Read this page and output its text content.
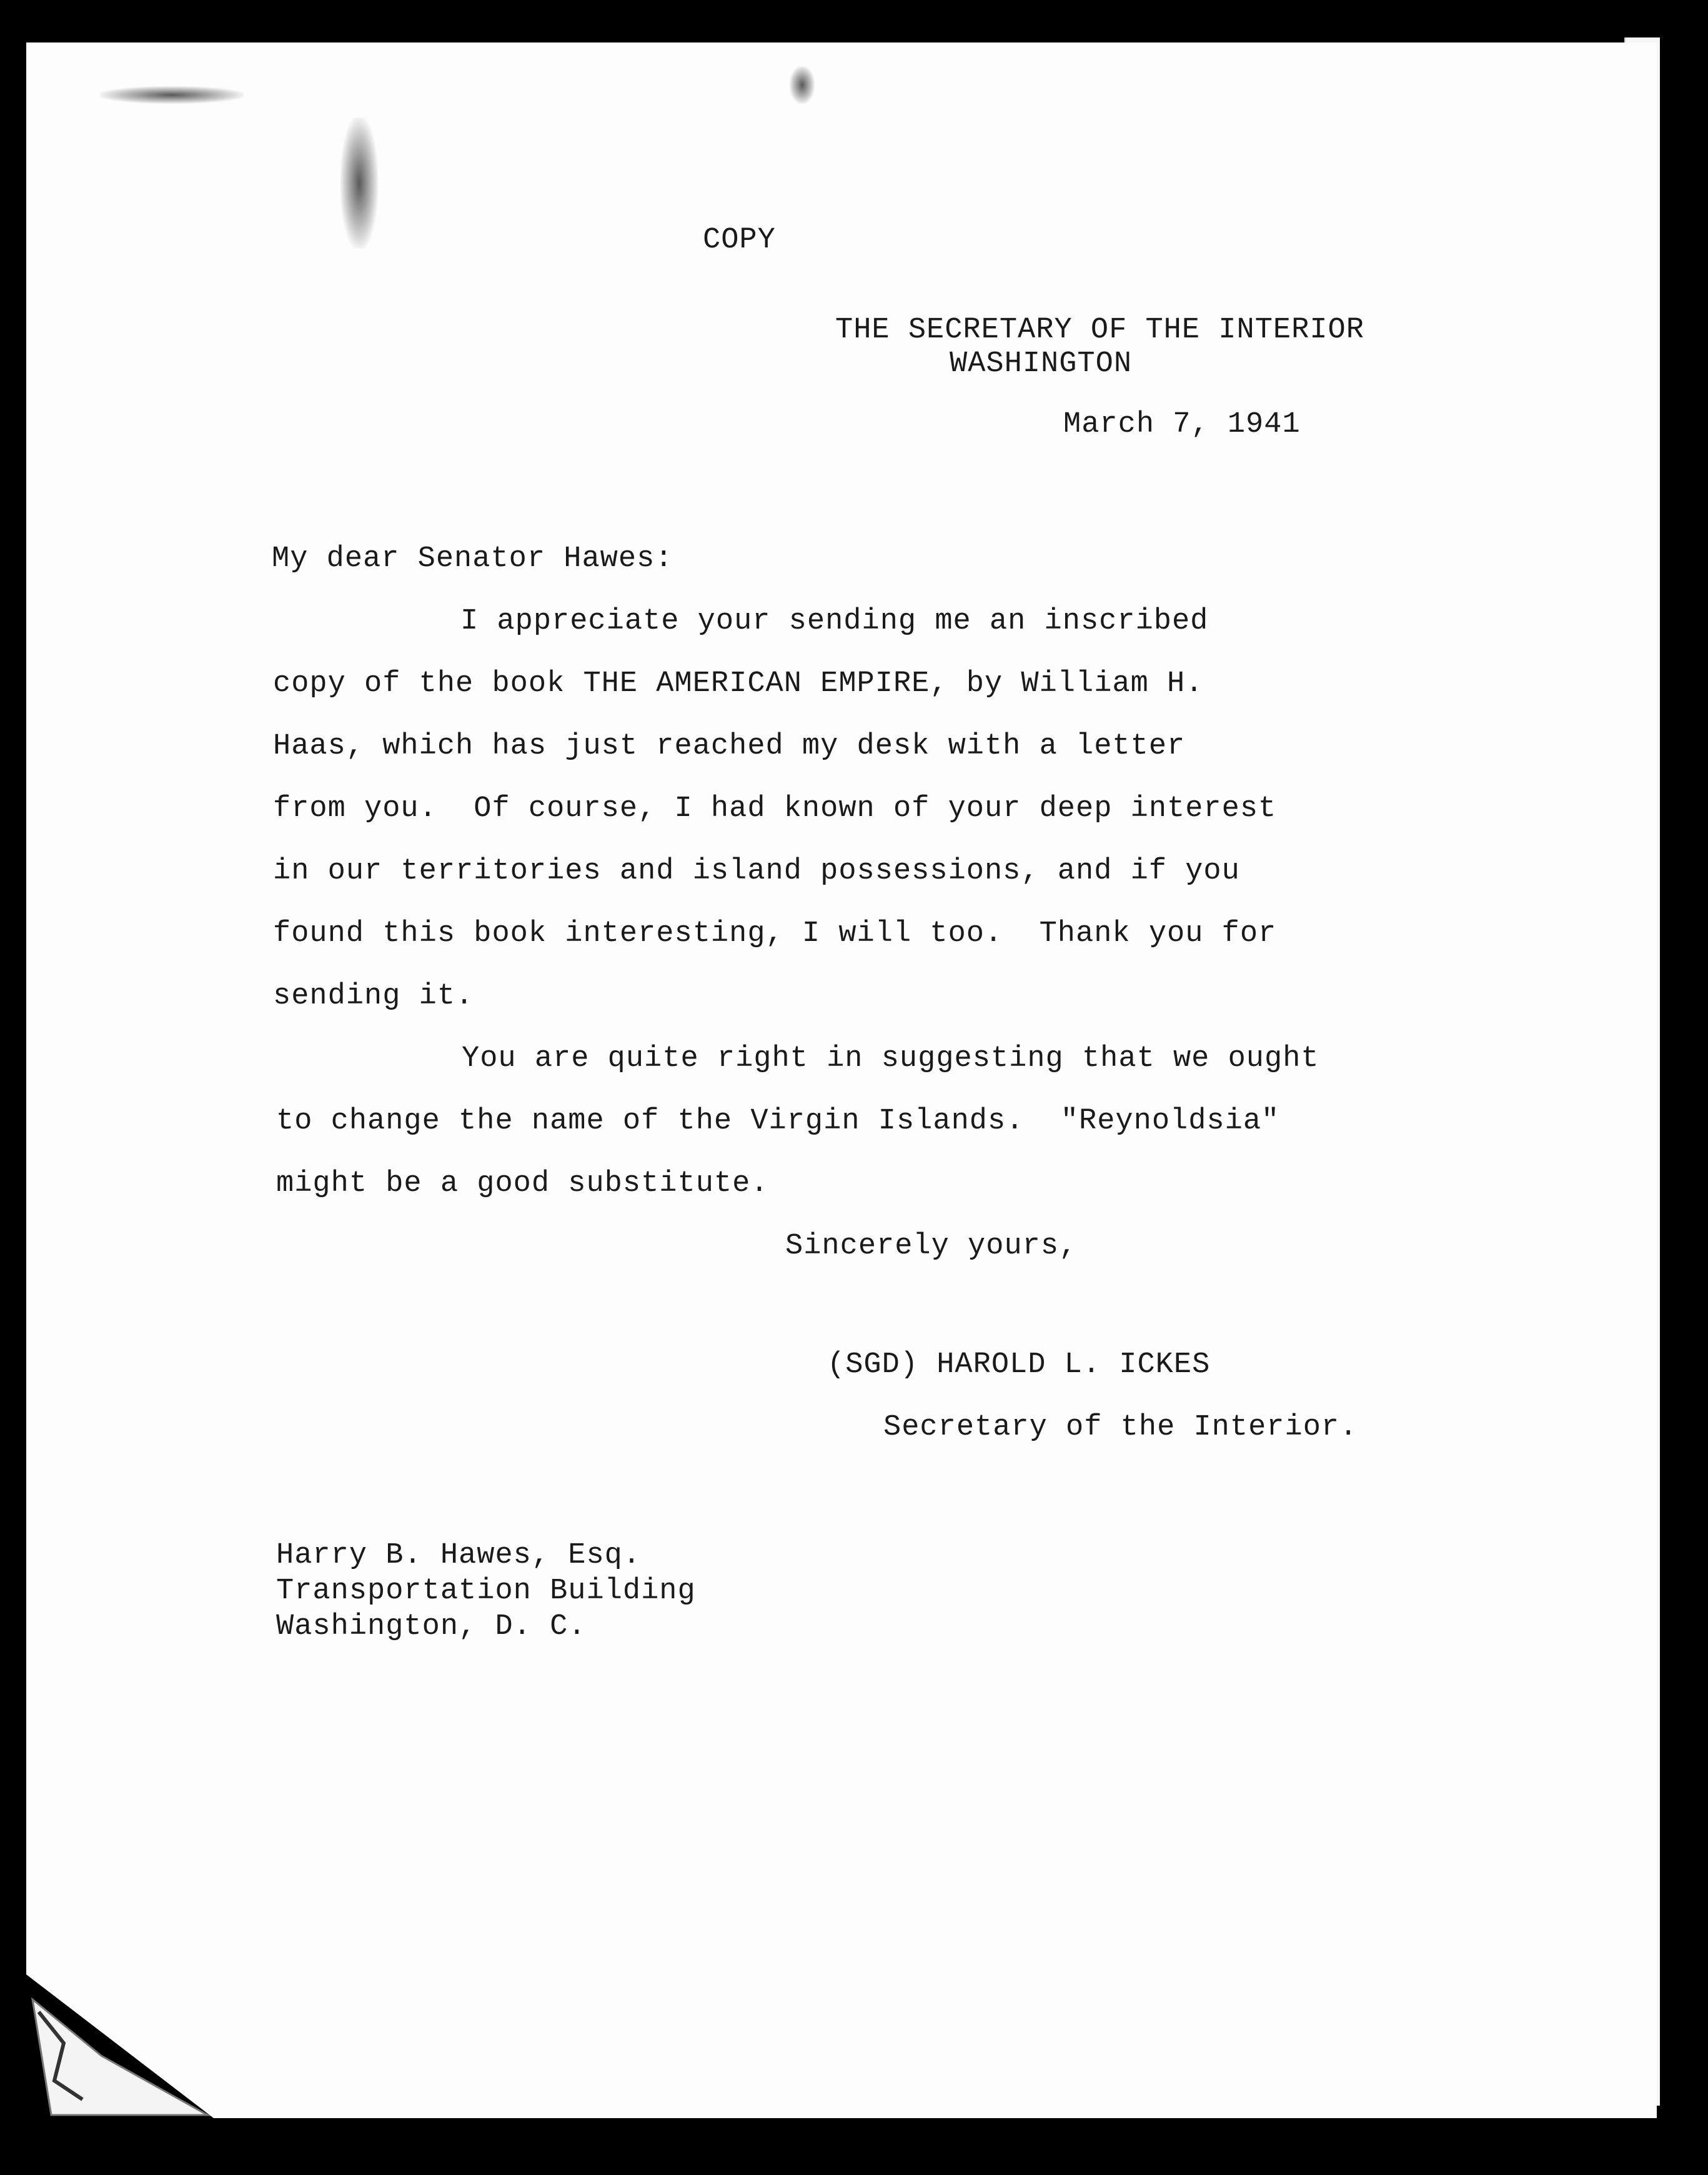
COPY
THE SECRETARY OF THE INTERIOR
WASHINGTON
March 7, 1941
My dear Senator Hawes:
I appreciate your sending me an inscribed
copy of the book THE AMERICAN EMPIRE, by William H.
Haas, which has just reached my desk with a letter
from you.  Of course, I had known of your deep interest
in our territories and island possessions, and if you
found this book interesting, I will too.  Thank you for
sending it.
You are quite right in suggesting that we ought
to change the name of the Virgin Islands.  "Reynoldsia"
might be a good substitute.
Sincerely yours,
(SGD) HAROLD L. ICKES
Secretary of the Interior.
Harry B. Hawes, Esq.
Transportation Building
Washington, D. C.
